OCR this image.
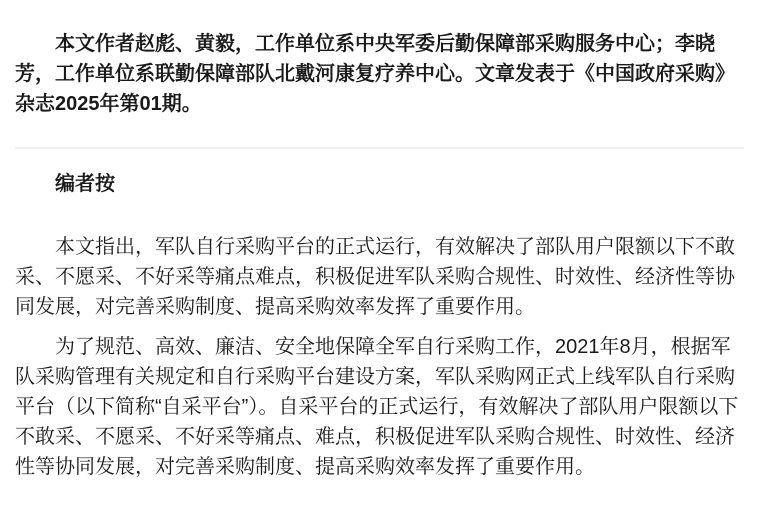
本文作者赵彪、黄毅，工作单位系中央军委后勤保障部采购服务中心；李晓芳，工作单位系联勤保障部队北戴河康复疗养中心。文章发表于《中国政府采购》杂志2025年第01期。

编者按

本文指出，军队自行采购平台的正式运行，有效解决了部队用户限额以下不敢采、不愿采、不好采等痛点难点，积极促进军队采购合规性、时效性、经济性等协同发展，对完善采购制度、提高采购效率发挥了重要作用。

为了规范、高效、廉洁、安全地保障全军自行采购工作，2021年8月，根据军队采购管理有关规定和自行采购平台建设方案，军队采购网正式上线军队自行采购平台（以下简称“自采平台”）。自采平台的正式运行，有效解决了部队用户限额以下不敢采、不愿采、不好采等痛点、难点，积极促进军队采购合规性、时效性、经济性等协同发展，对完善采购制度、提高采购效率发挥了重要作用。
